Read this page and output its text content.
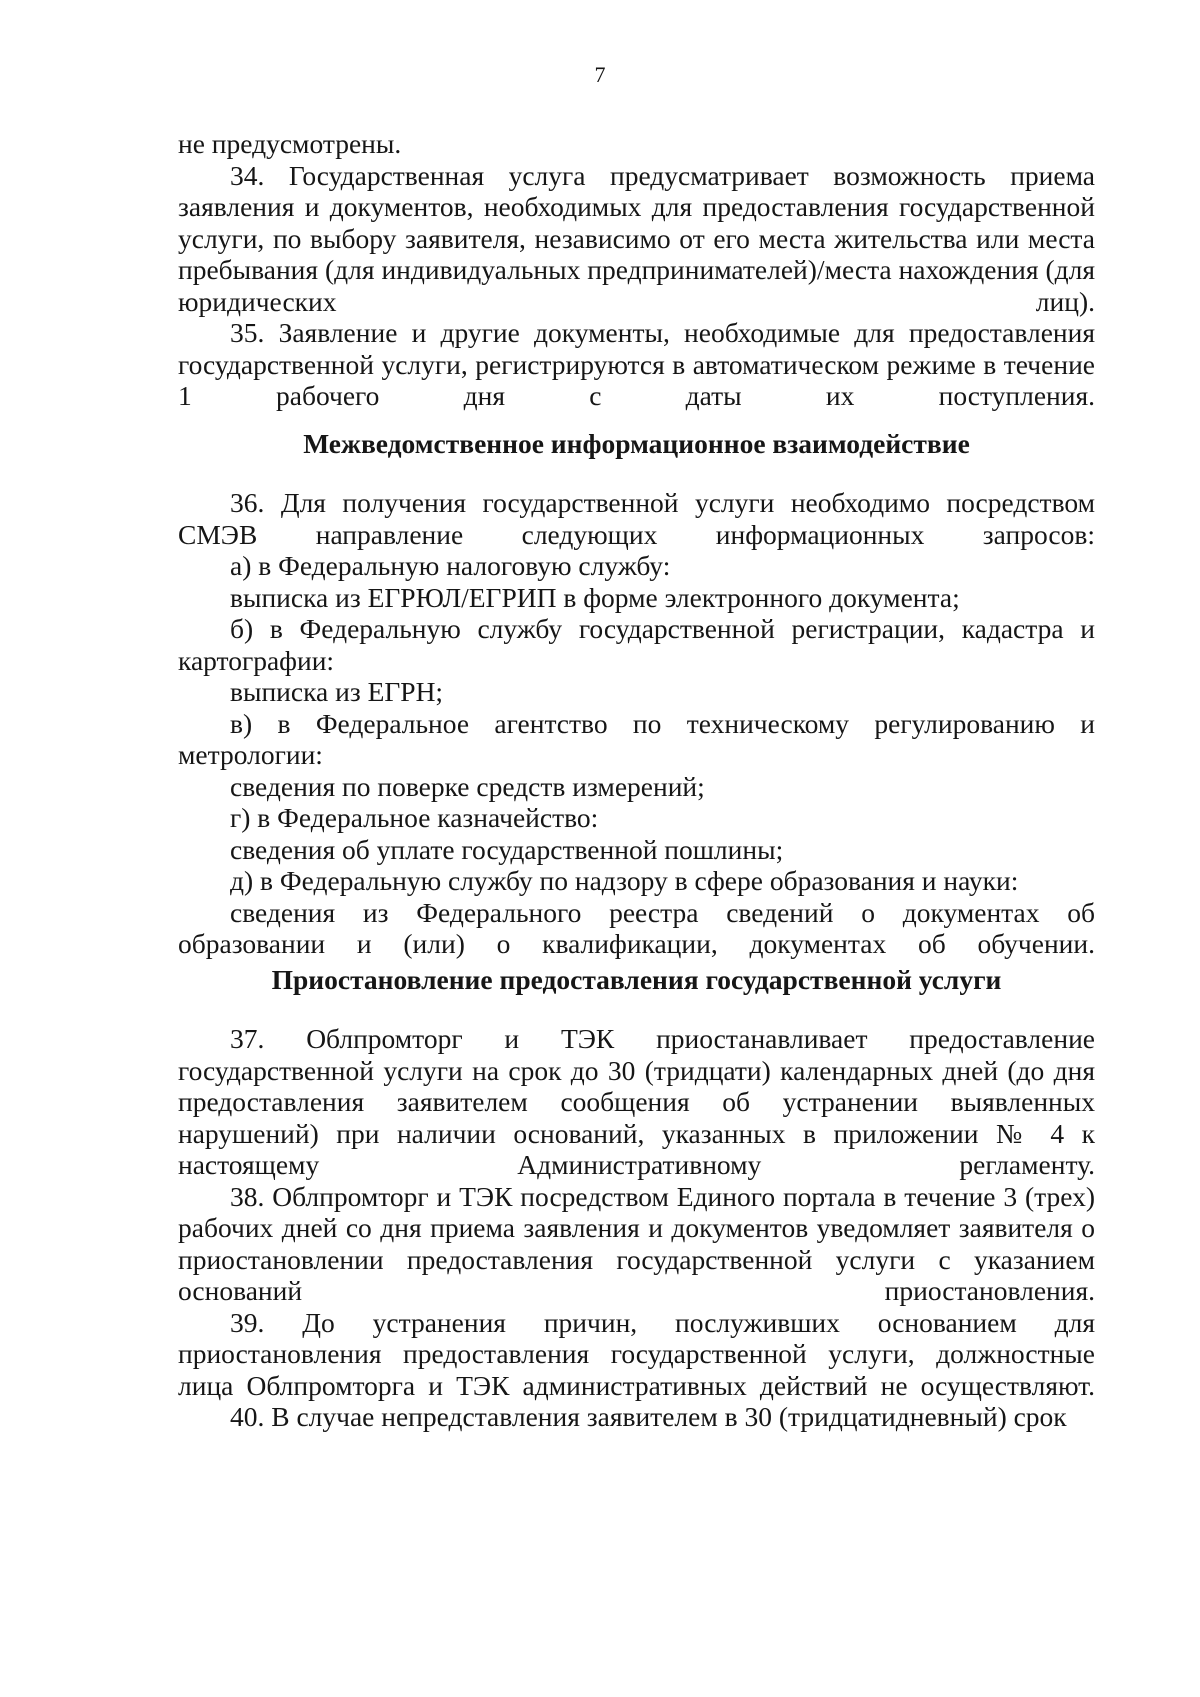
7

не предусмотрены.

34. Государственная услуга предусматривает возможность приема заявления и документов, необходимых для предоставления государственной услуги, по выбору заявителя, независимо от его места жительства или места пребывания (для индивидуальных предпринимателей)/места нахождения (для юридических лиц).

35. Заявление и другие документы, необходимые для предоставления государственной услуги, регистрируются в автоматическом режиме в течение 1 рабочего дня с даты их поступления.

Межведомственное информационное взаимодействие

36. Для получения государственной услуги необходимо посредством СМЭВ направление следующих информационных запросов:

а) в Федеральную налоговую службу:

выписка из ЕГРЮЛ/ЕГРИП в форме электронного документа;

б) в Федеральную службу государственной регистрации, кадастра и картографии:

выписка из ЕГРН;

в) в Федеральное агентство по техническому регулированию и метрологии:

сведения по поверке средств измерений;

г) в Федеральное казначейство:

сведения об уплате государственной пошлины;

д) в Федеральную службу по надзору в сфере образования и науки:

сведения из Федерального реестра сведений о документах об образовании и (или) о квалификации, документах об обучении.

Приостановление предоставления государственной услуги

37. Облпромторг и ТЭК приостанавливает предоставление государственной услуги на срок до 30 (тридцати) календарных дней (до дня предоставления заявителем сообщения об устранении выявленных нарушений) при наличии оснований, указанных в приложении № 4 к настоящему Административному регламенту.

38. Облпромторг и ТЭК посредством Единого портала в течение 3 (трех) рабочих дней со дня приема заявления и документов уведомляет заявителя о приостановлении предоставления государственной услуги с указанием оснований приостановления.

39. До устранения причин, послуживших основанием для приостановления предоставления государственной услуги, должностные лица Облпромторга и ТЭК административных действий не осуществляют.

40. В случае непредставления заявителем в 30 (тридцатидневный) срок
